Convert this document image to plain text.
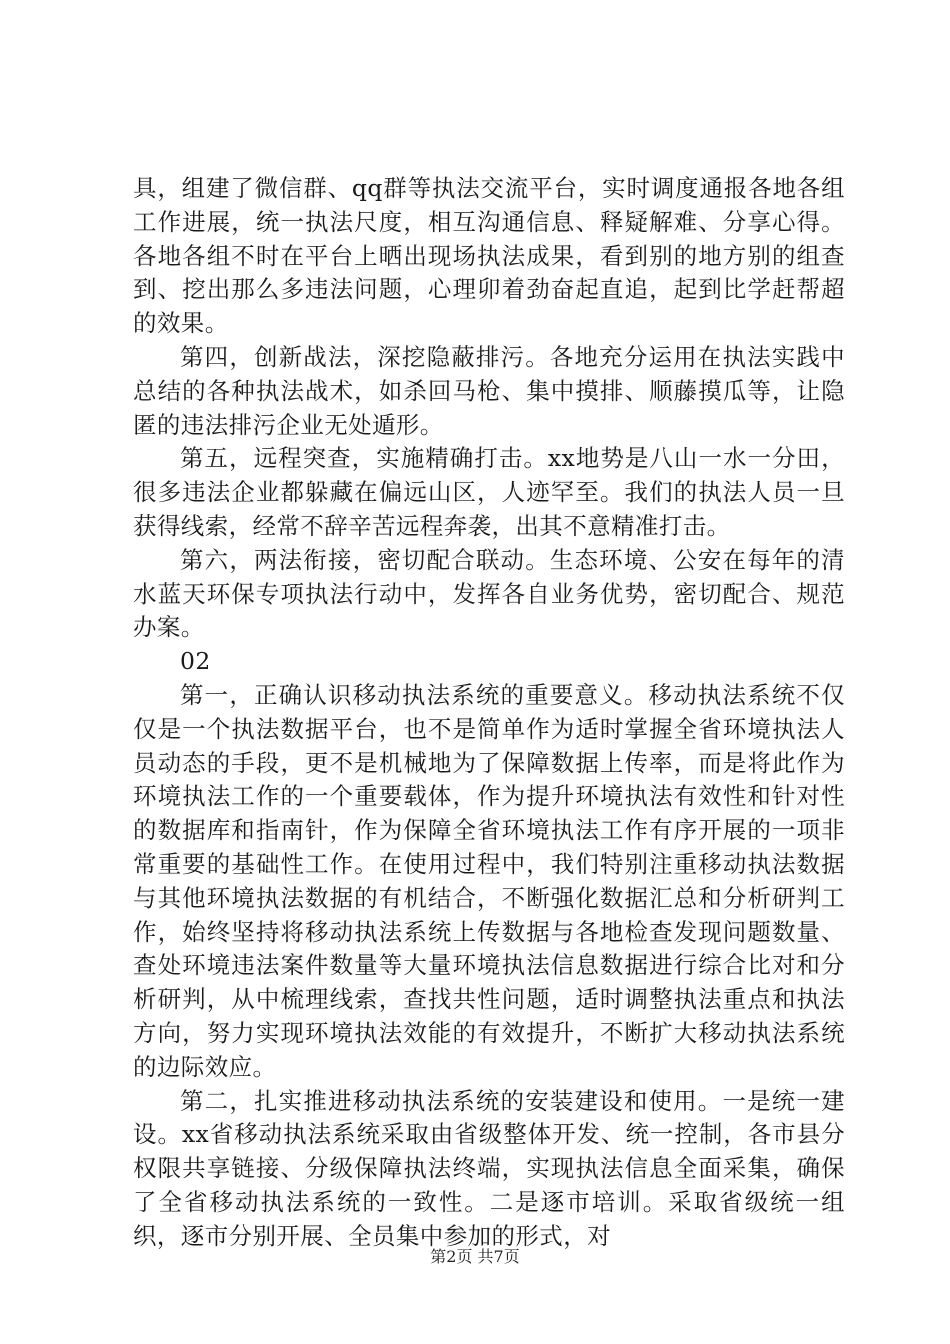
具，组建了微信群、qq群等执法交流平台，实时调度通报各地各组工作进展，统一执法尺度，相互沟通信息、释疑解难、分享心得。各地各组不时在平台上晒出现场执法成果，看到别的地方别的组查到、挖出那么多违法问题，心理卯着劲奋起直追，起到比学赶帮超的效果。

第四，创新战法，深挖隐蔽排污。各地充分运用在执法实践中总结的各种执法战术，如杀回马枪、集中摸排、顺藤摸瓜等，让隐匿的违法排污企业无处遁形。

第五，远程突查，实施精确打击。xx地势是八山一水一分田，很多违法企业都躲藏在偏远山区，人迹罕至。我们的执法人员一旦获得线索，经常不辞辛苦远程奔袭，出其不意精准打击。

第六，两法衔接，密切配合联动。生态环境、公安在每年的清水蓝天环保专项执法行动中，发挥各自业务优势，密切配合、规范办案。

02

第一，正确认识移动执法系统的重要意义。移动执法系统不仅仅是一个执法数据平台，也不是简单作为适时掌握全省环境执法人员动态的手段，更不是机械地为了保障数据上传率，而是将此作为环境执法工作的一个重要载体，作为提升环境执法有效性和针对性的数据库和指南针，作为保障全省环境执法工作有序开展的一项非常重要的基础性工作。在使用过程中，我们特别注重移动执法数据与其他环境执法数据的有机结合，不断强化数据汇总和分析研判工作，始终坚持将移动执法系统上传数据与各地检查发现问题数量、查处环境违法案件数量等大量环境执法信息数据进行综合比对和分析研判，从中梳理线索，查找共性问题，适时调整执法重点和执法方向，努力实现环境执法效能的有效提升，不断扩大移动执法系统的边际效应。

第二，扎实推进移动执法系统的安装建设和使用。一是统一建设。xx省移动执法系统采取由省级整体开发、统一控制，各市县分权限共享链接、分级保障执法终端，实现执法信息全面采集，确保了全省移动执法系统的一致性。二是逐市培训。采取省级统一组织，逐市分别开展、全员集中参加的形式，对

第2页 共7页
